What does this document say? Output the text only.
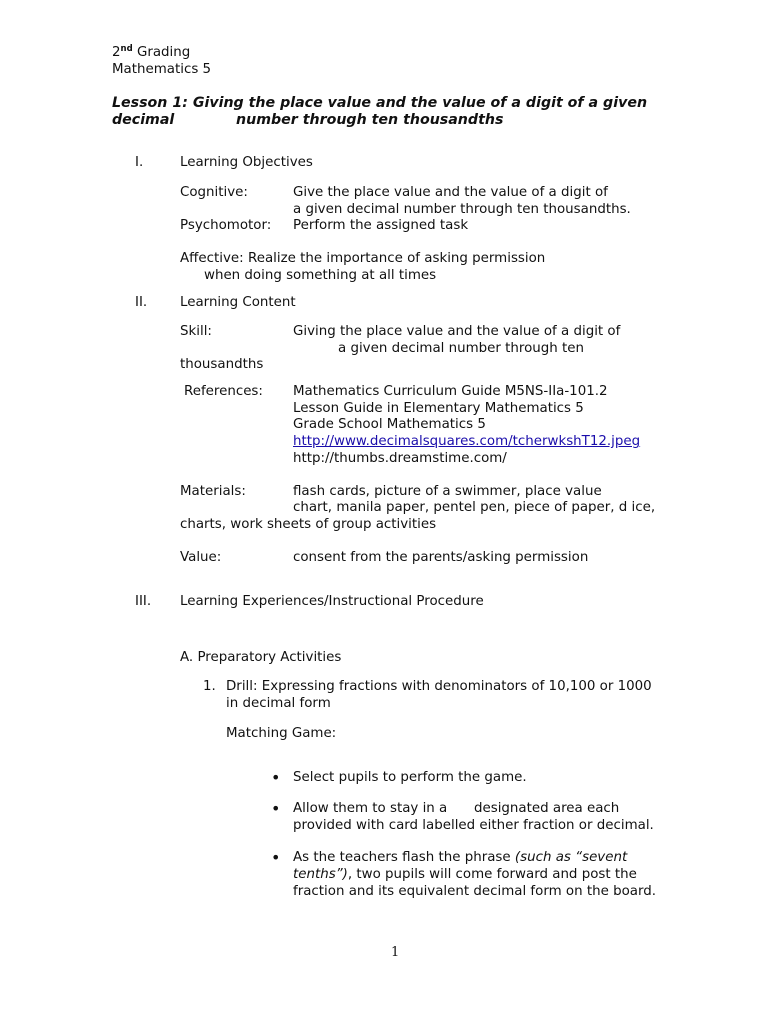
2nd Grading
Mathematics 5
Lesson 1: Giving the place value and the value of a digit of a given
decimal	number through ten thousandths
I.	Learning Objectives
Cognitive:	Give the place value and the value of a digit of
a given decimal number through ten thousandths.
Psychomotor: Perform the assigned task
Affective: Realize the importance of asking permission
when doing something at all times
II. Learning Content
Skill:	Giving the place value and the value of a digit of
a given decimal number through ten
thousandths
References: Mathematics Curriculum Guide M5NS-IIa-101.2
Lesson Guide in Elementary Mathematics 5
Grade School Mathematics 5
http://www.decimalsquares.com/tcherwkshT12.jpeg
http://thumbs.dreamstime.com/
Materials:	flash cards, picture of a swimmer, place value
chart, manila paper, pentel pen, piece of paper, d ice,
charts, work sheets of group activities
Value:	consent from the parents/asking permission
III. Learning Experiences/Instructional Procedure
A. Preparatory Activities
1. Drill: Expressing fractions with denominators of 10,100 or 1000
in decimal form
Matching Game:
• Select pupils to perform the game.
• Allow them to stay in a designated area each
provided with card labelled either fraction or decimal.
• As the teachers flash the phrase (such as “sevent
tenths”), two pupils will come forward and post the
fraction and its equivalent decimal form on the board.
1
